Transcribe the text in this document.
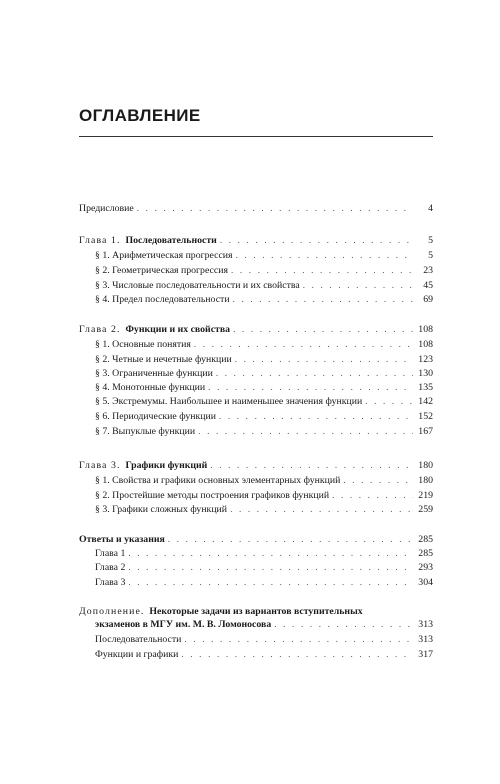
ОГЛАВЛЕНИЕ
Предисловие . . .	4
Глава 1. Последовательности . . .	5
§ 1. Арифметическая прогрессия . . .	5
§ 2. Геометрическая прогрессия . . .	23
§ 3. Числовые последовательности и их свойства . . .	45
§ 4. Предел последовательности . . .	69
Глава 2. Функции и их свойства . . .	108
§ 1. Основные понятия . . .	108
§ 2. Четные и нечетные функции . . .	123
§ 3. Ограниченные функции . . .	130
§ 4. Монотонные функции . . .	135
§ 5. Экстремумы. Наибольшее и наименьшее значения функции . . .	142
§ 6. Периодические функции . . .	152
§ 7. Выпуклые функции . . .	167
Глава 3. Графики функций . . .	180
§ 1. Свойства и графики основных элементарных функций . . .	180
§ 2. Простейшие методы построения графиков функций . . .	219
§ 3. Графики сложных функций . . .	259
Ответы и указания . . .	285
Глава 1 . . .	285
Глава 2 . . .	293
Глава 3 . . .	304
Дополнение. Некоторые задачи из вариантов вступительных
экзаменов в МГУ им. М. В. Ломоносова . . .	313
Последовательности . . .	313
Функции и графики . . .	317
